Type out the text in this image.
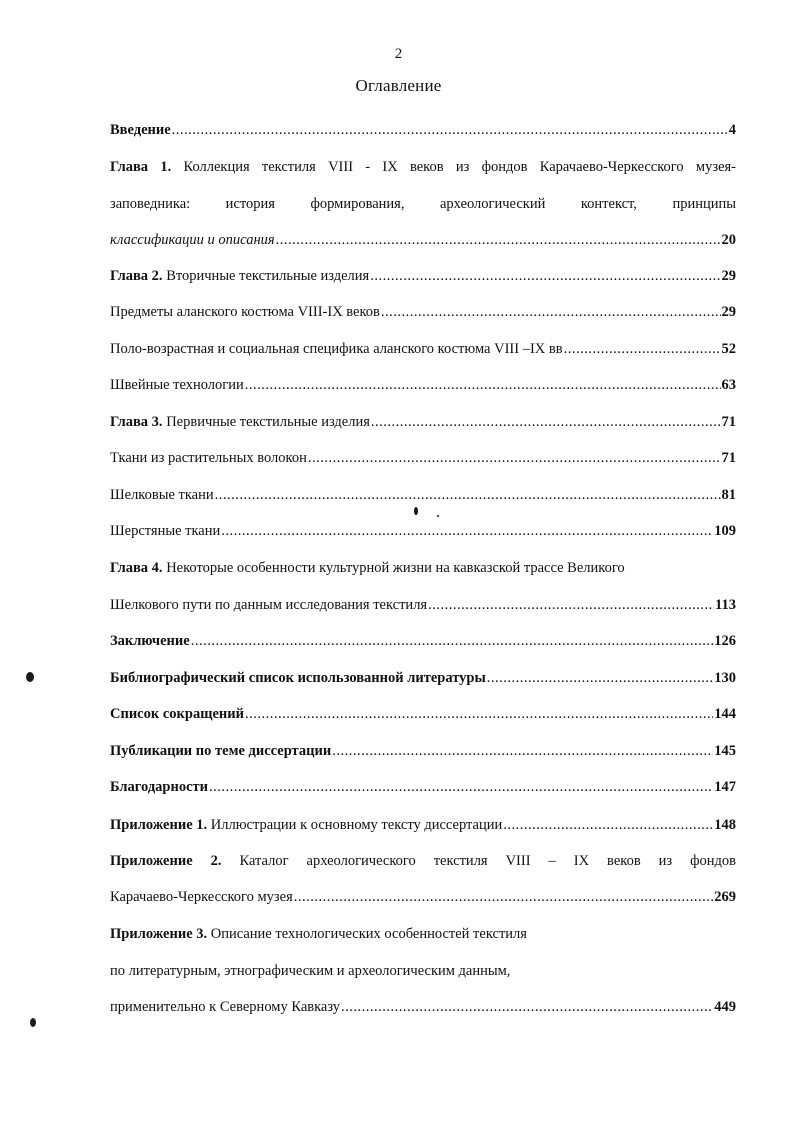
2
Оглавление
Введение .....	4
Глава 1. Коллекция текстиля VIII - IX веков из фондов Карачаево-Черкесского музея-
заповедника: история формирования, археологический контекст, принципы
классификации и описания .....	20
Глава 2. Вторичные текстильные изделия .....	29
Предметы аланского костюма VIII-IX веков .....	29
Поло-возрастная и социальная специфика аланского костюма VIII –IX вв .....	52
Швейные технологии .....	63
Глава 3. Первичные текстильные изделия .....	71
Ткани из растительных волокон .....	71
Шелковые ткани .....	81
Шерстяные ткани .....	109
Глава 4. Некоторые особенности культурной жизни на кавказской трассе Великого
Шелкового пути по данным исследования текстиля .....	113
Заключение .....	126
Библиографический список использованной литературы .....	130
Список сокращений .....	144
Публикации по теме диссертации .....	145
Благодарности .....	147
Приложение 1. Иллюстрации к основному тексту диссертации .....	148
Приложение 2. Каталог археологического текстиля VIII – IX веков из фондов
Карачаево-Черкесского музея .....	269
Приложение 3. Описание технологических особенностей текстиля
по литературным, этнографическим и археологическим данным,
применительно к Северному Кавказу .....	449
